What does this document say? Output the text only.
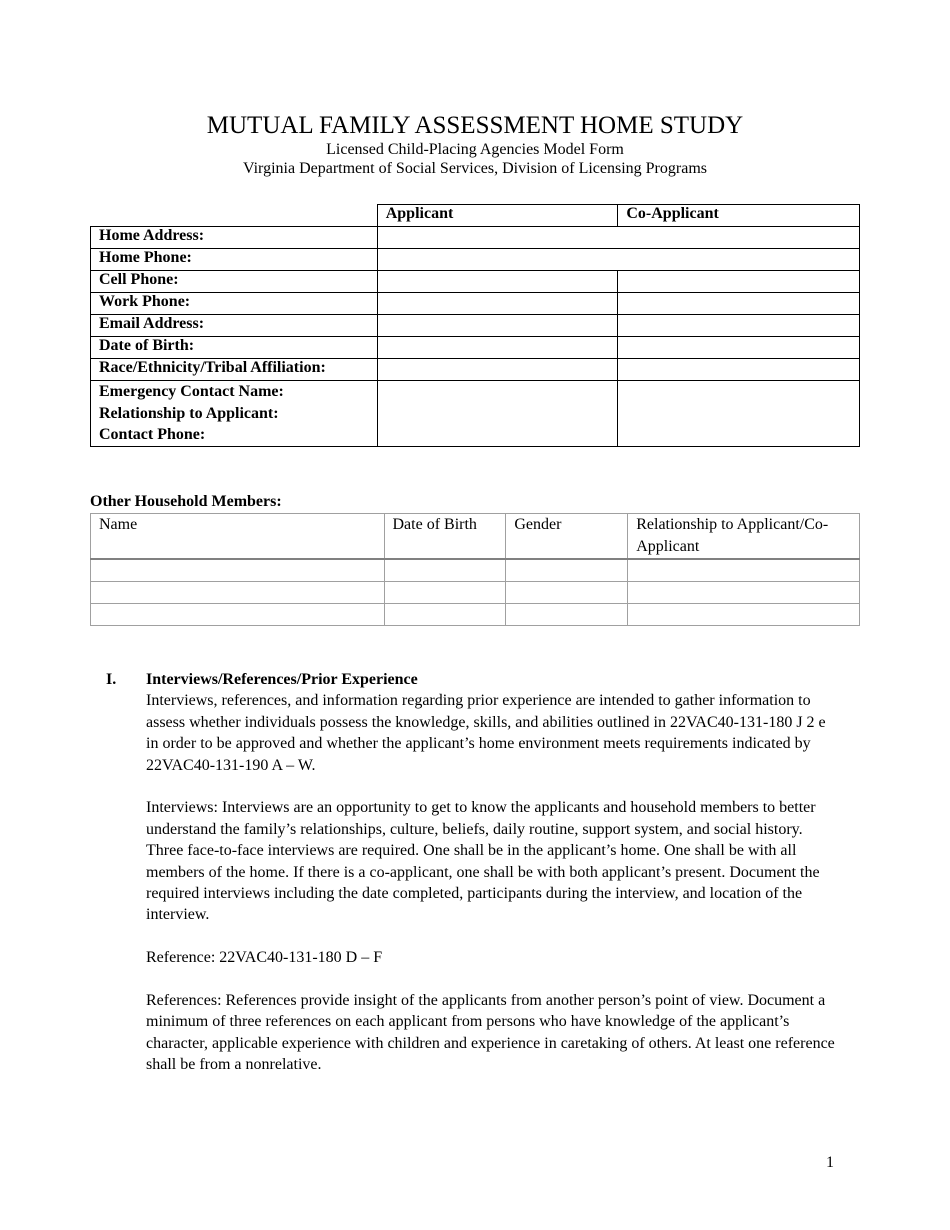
MUTUAL FAMILY ASSESSMENT HOME STUDY
Licensed Child-Placing Agencies Model Form
Virginia Department of Social Services, Division of Licensing Programs
	Applicant	Co-Applicant
Home Address:		
Home Phone:		
Cell Phone:		
Work Phone:		
Email Address:		
Date of Birth:		
Race/Ethnicity/Tribal Affiliation:		

Emergency Contact Name:
Relationship to Applicant:
Contact Phone:		

Other Household Members:
Name	Date of Birth	Gender	Relationship to Applicant/Co-Applicant

I. Interviews/References/Prior Experience

Interviews, references, and information regarding prior experience are intended to gather information to assess whether individuals possess the knowledge, skills, and abilities outlined in 22VAC40-131-180 J 2 e in order to be approved and whether the applicant’s home environment meets requirements indicated by 22VAC40-131-190 A – W.

Interviews: Interviews are an opportunity to get to know the applicants and household members to better understand the family’s relationships, culture, beliefs, daily routine, support system, and social history. Three face-to-face interviews are required. One shall be in the applicant’s home. One shall be with all members of the home. If there is a co-applicant, one shall be with both applicant’s present. Document the required interviews including the date completed, participants during the interview, and location of the interview.

Reference: 22VAC40-131-180 D – F

References: References provide insight of the applicants from another person’s point of view. Document a minimum of three references on each applicant from persons who have knowledge of the applicant’s character, applicable experience with children and experience in caretaking of others. At least one reference shall be from a nonrelative.

1
